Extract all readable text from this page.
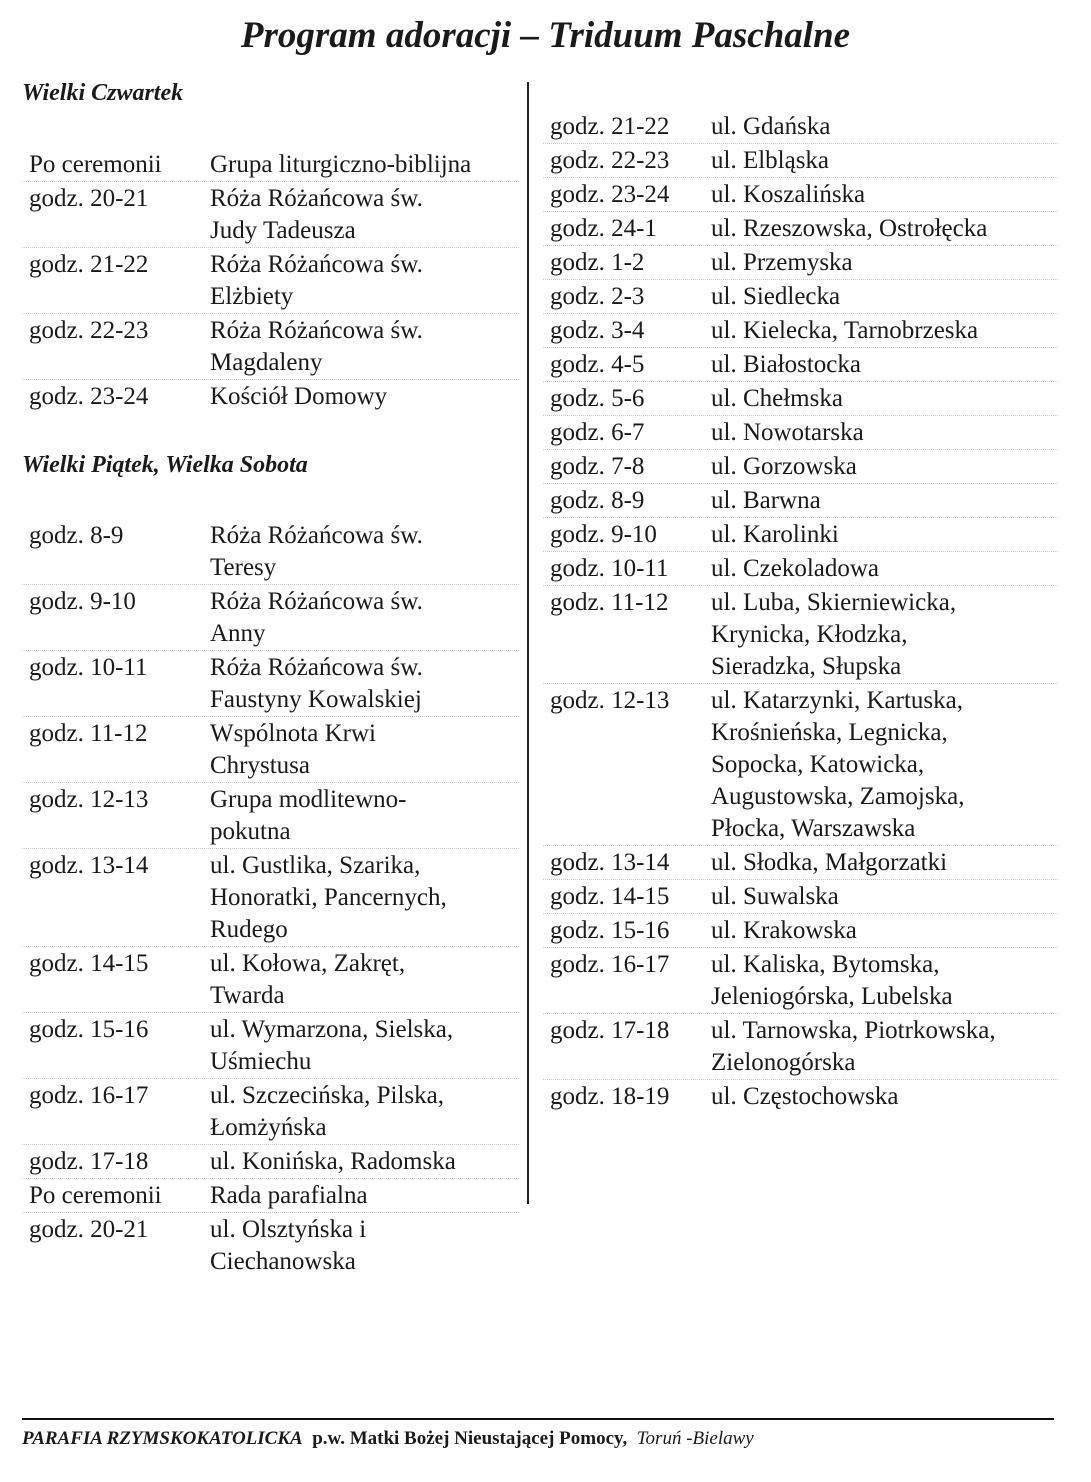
Program adoracji – Triduum Paschalne
Wielki Czwartek
Po ceremonii	Grupa liturgiczno-biblijna
godz. 20-21	Róża Różańcowa św.
Judy Tadeusza
godz. 21-22	Róża Różańcowa św.
Elżbiety
godz. 22-23	Róża Różańcowa św.
Magdaleny
godz. 23-24	Kościół Domowy
Wielki Piątek, Wielka Sobota
godz. 8-9	Róża Różańcowa św.
Teresy
godz. 9-10	Róża Różańcowa św.
Anny
godz. 10-11	Róża Różańcowa św.
Faustyny Kowalskiej
godz. 11-12	Wspólnota Krwi
Chrystusa
godz. 12-13	Grupa modlitewno-
pokutna
godz. 13-14	ul. Gustlika, Szarika,
Honoratki, Pancernych,
Rudego
godz. 14-15	ul. Kołowa, Zakręt,
Twarda
godz. 15-16	ul. Wymarzona, Sielska,
Uśmiechu
godz. 16-17	ul. Szczecińska, Pilska,
Łomżyńska
godz. 17-18	ul. Konińska, Radomska
Po ceremonii	Rada parafialna
godz. 20-21	ul. Olsztyńska i
Ciechanowska
godz. 21-22	ul. Gdańska
godz. 22-23	ul. Elbląska
godz. 23-24	ul. Koszalińska
godz. 24-1	ul. Rzeszowska, Ostrołęcka
godz. 1-2	ul. Przemyska
godz. 2-3	ul. Siedlecka
godz. 3-4	ul. Kielecka, Tarnobrzeska
godz. 4-5	ul. Białostocka
godz. 5-6	ul. Chełmska
godz. 6-7	ul. Nowotarska
godz. 7-8	ul. Gorzowska
godz. 8-9	ul. Barwna
godz. 9-10	ul. Karolinki
godz. 10-11	ul. Czekoladowa
godz. 11-12	ul. Luba, Skierniewicka,
Krynicka, Kłodzka,
Sieradzka, Słupska
godz. 12-13	ul. Katarzynki, Kartuska,
Krośnieńska, Legnicka,
Sopocka, Katowicka,
Augustowska, Zamojska,
Płocka, Warszawska
godz. 13-14	ul. Słodka, Małgorzatki
godz. 14-15	ul. Suwalska
godz. 15-16	ul. Krakowska
godz. 16-17	ul. Kaliska, Bytomska,
Jeleniogórska, Lubelska
godz. 17-18	ul. Tarnowska, Piotrkowska,
Zielonogórska
godz. 18-19	ul. Częstochowska
PARAFIA RZYMSKOKATOLICKA p.w. Matki Bożej Nieustającej Pomocy, Toruń -Bielawy
